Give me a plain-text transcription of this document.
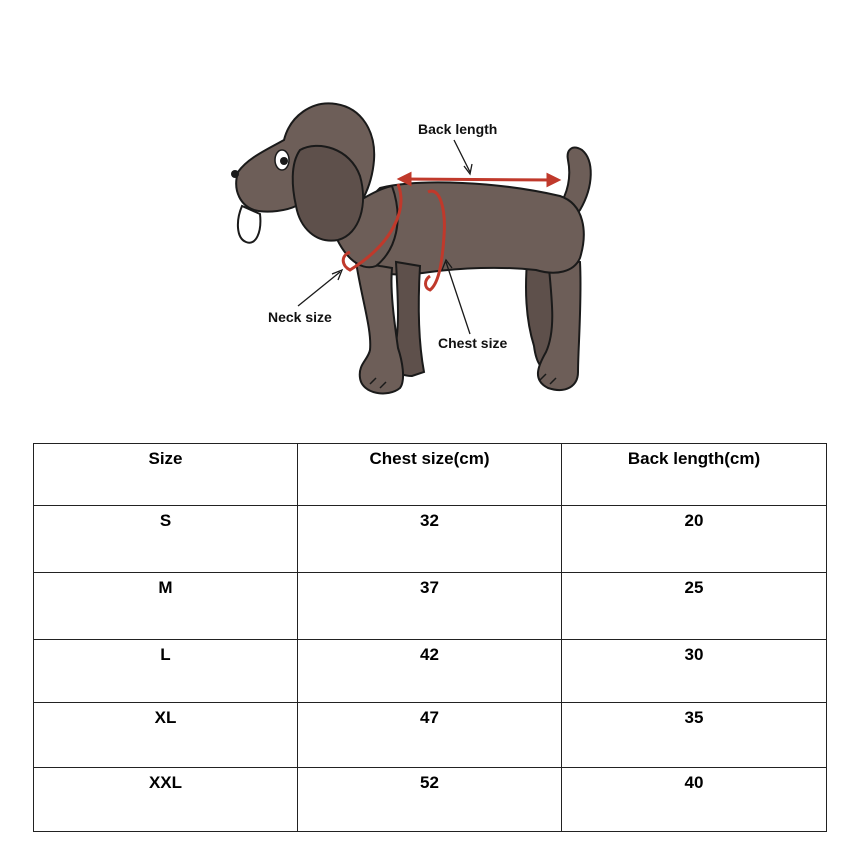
Back length
Neck size
Chest size
Size	Chest size(cm)	Back length(cm)
S	32	20
M	37	25
L	42	30
XL	47	35
XXL	52	40
